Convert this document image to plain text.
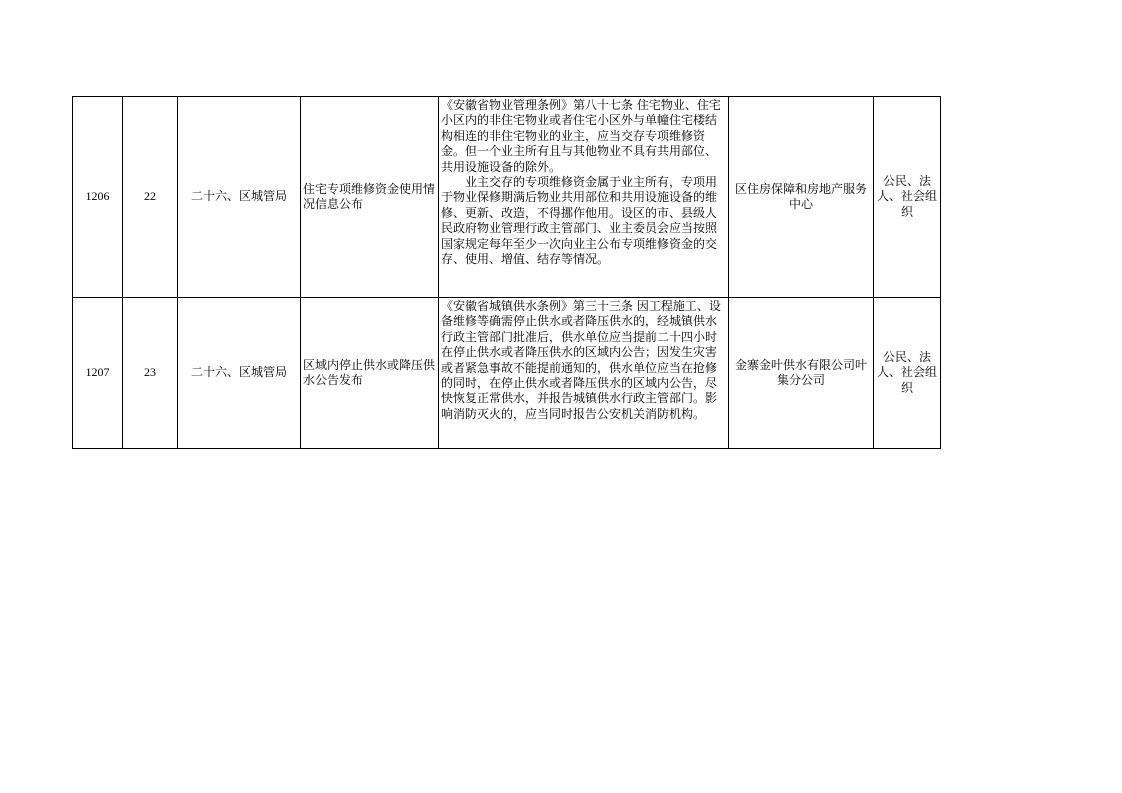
1206	22	二十六、区城管局	住宅专项维修资金使用情况信息公布	《安徽省物业管理条例》第八十七条 住宅物业、住宅小区内的非住宅物业或者住宅小区外与单幢住宅楼结构相连的非住宅物业的业主，应当交存专项维修资金。但一个业主所有且与其他物业不具有共用部位、共用设施设备的除外。
业主交存的专项维修资金属于业主所有，专项用于物业保修期满后物业共用部位和共用设施设备的维修、更新、改造，不得挪作他用。设区的市、县级人民政府物业管理行政主管部门、业主委员会应当按照国家规定每年至少一次向业主公布专项维修资金的交存、使用、增值、结存等情况。	区住房保障和房地产服务中心	公民、法人、社会组织
1207	23	二十六、区城管局	区域内停止供水或降压供水公告发布	《安徽省城镇供水条例》第三十三条 因工程施工、设备维修等确需停止供水或者降压供水的，经城镇供水行政主管部门批准后，供水单位应当提前二十四小时在停止供水或者降压供水的区域内公告；因发生灾害或者紧急事故不能提前通知的，供水单位应当在抢修的同时，在停止供水或者降压供水的区域内公告，尽快恢复正常供水，并报告城镇供水行政主管部门。影响消防灭火的，应当同时报告公安机关消防机构。	金寨金叶供水有限公司叶集分公司	公民、法人、社会组织
